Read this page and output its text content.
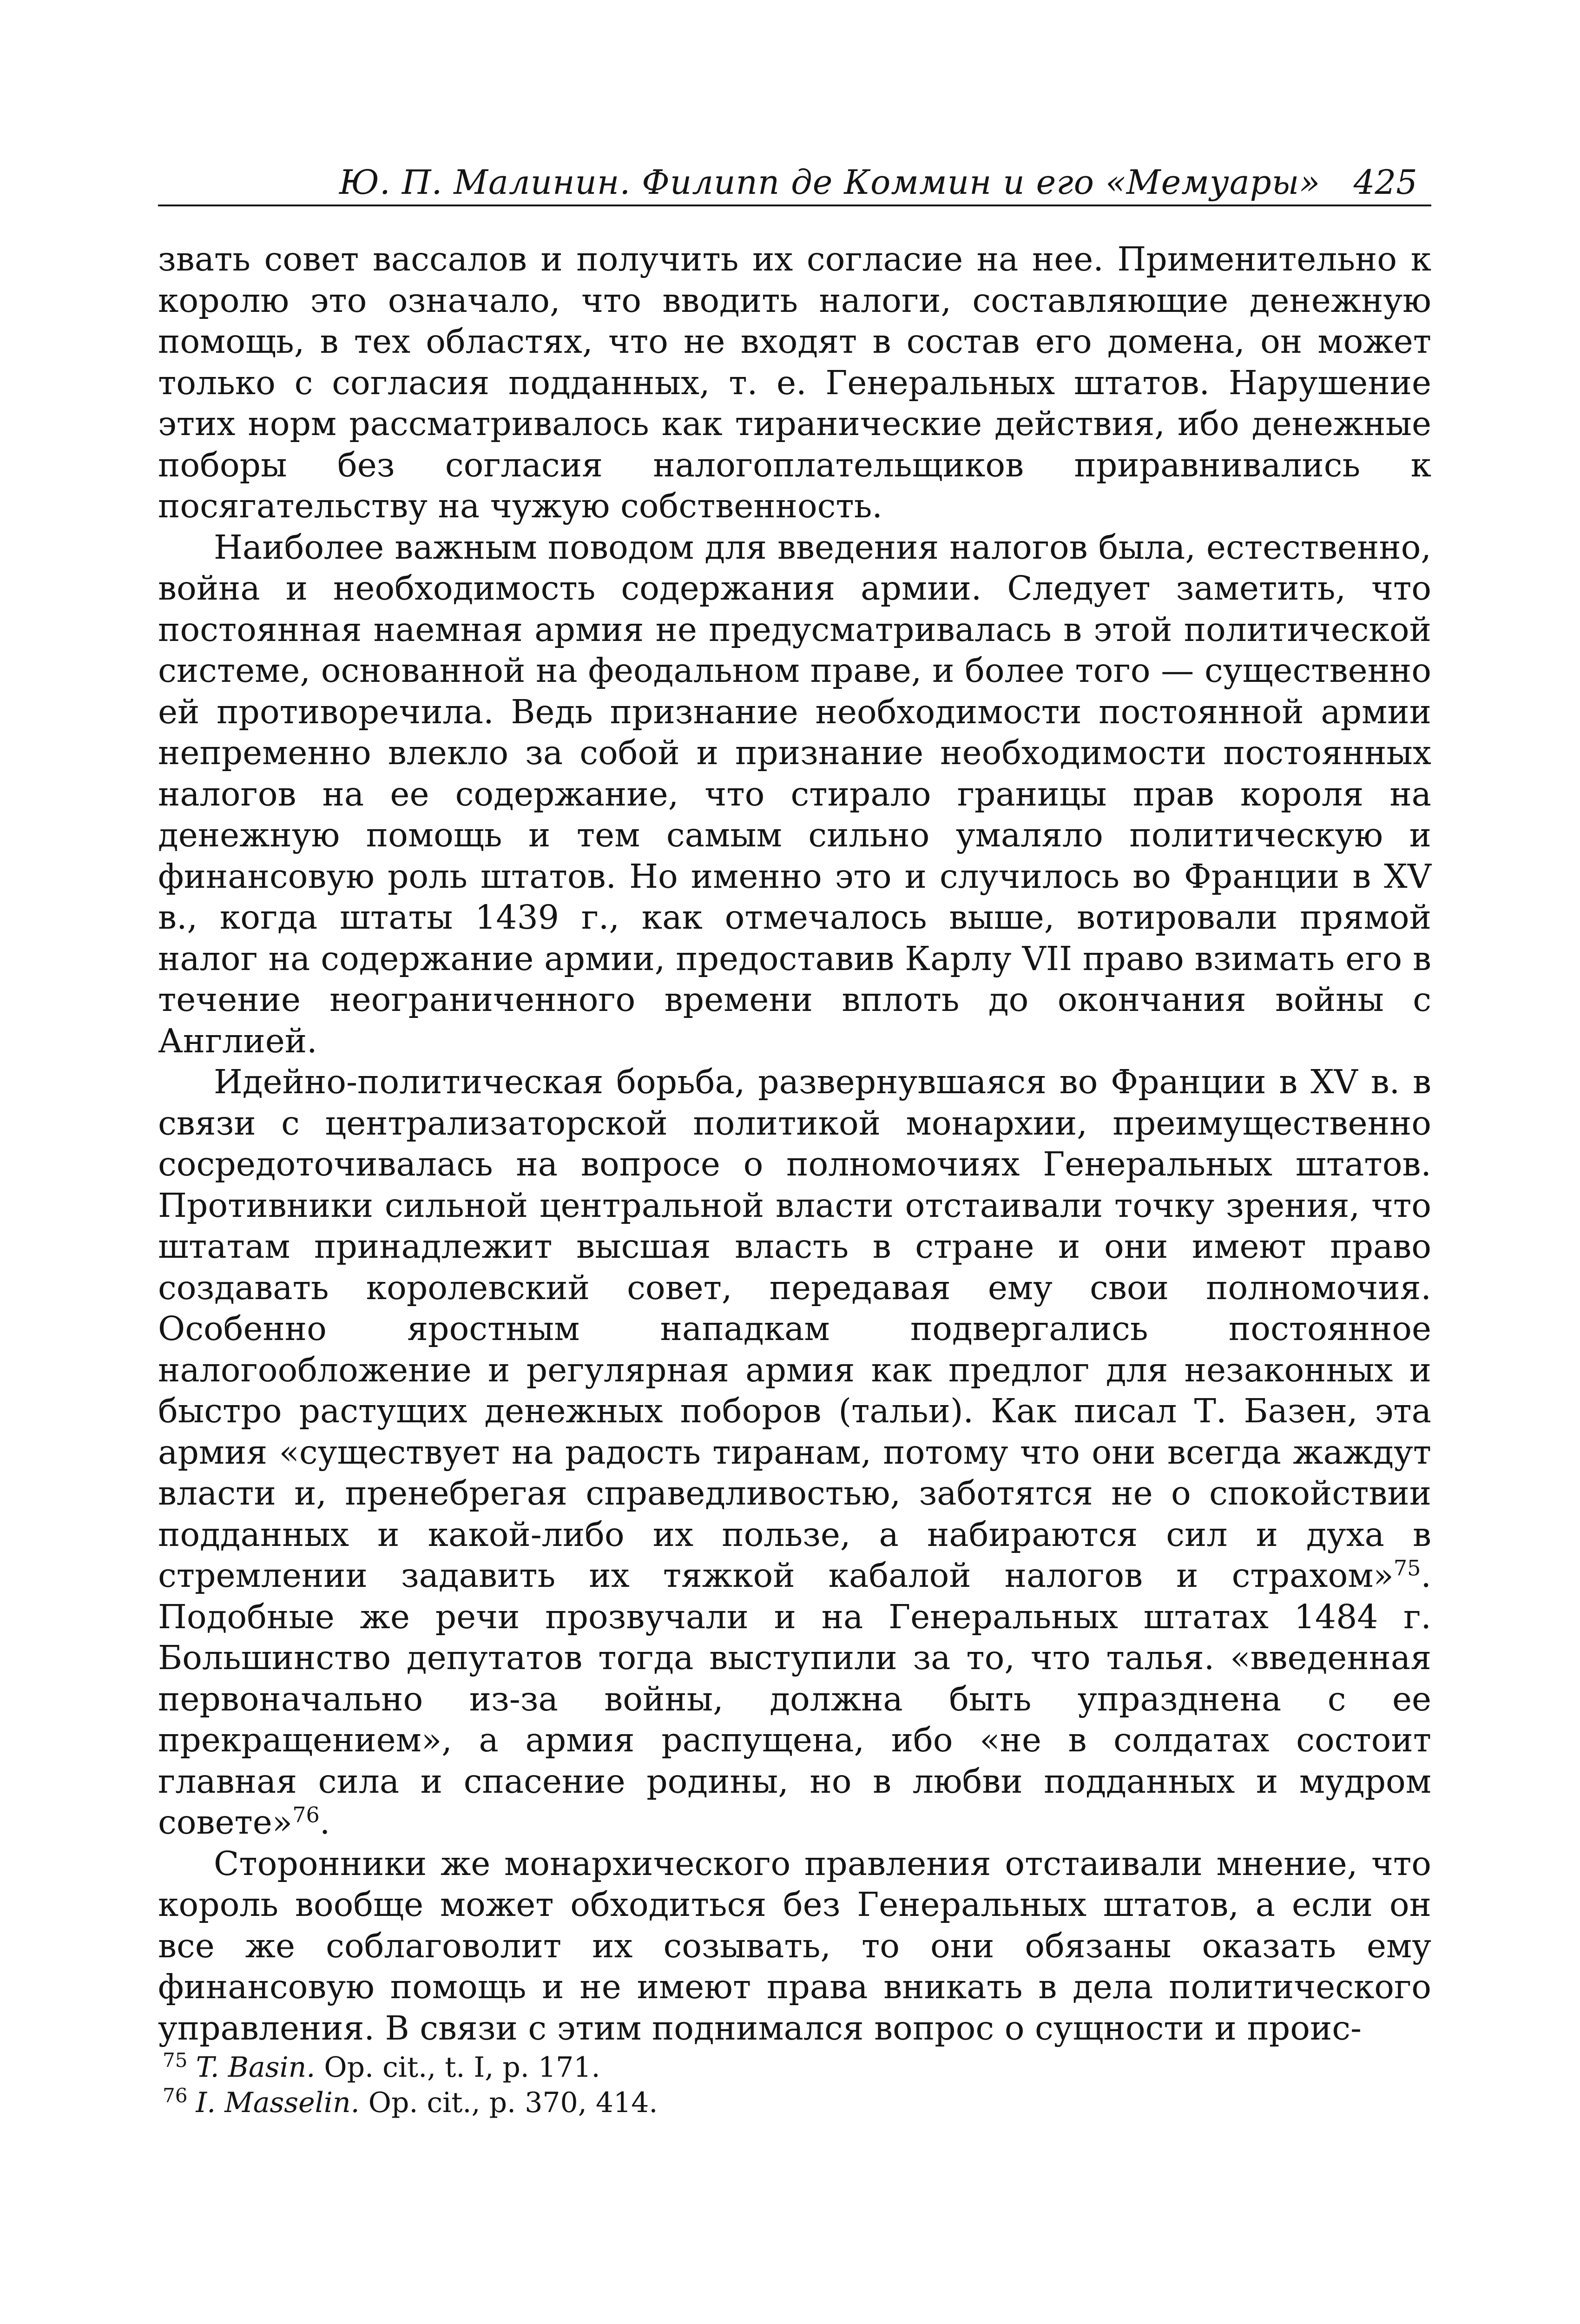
Ю. П. Малинин. Филипп де Коммин и его «Мемуары» 425

звать совет вассалов и получить их согласие на нее. Применительно к королю это означало, что вводить налоги, составляющие денежную помощь, в тех областях, что не входят в состав его домена, он может только с согласия подданных, т. е. Генеральных штатов. Нарушение этих норм рассматривалось как тиранические действия, ибо денежные поборы без согласия налогоплательщиков приравнивались к посягательству на чужую собственность.

Наиболее важным поводом для введения налогов была, естественно, война и необходимость содержания армии. Следует заметить, что постоянная наемная армия не предусматривалась в этой политической системе, основанной на феодальном праве, и более того — существенно ей противоречила. Ведь признание необходимости постоянной армии непременно влекло за собой и признание необходимости постоянных налогов на ее содержание, что стирало границы прав короля на денежную помощь и тем самым сильно умаляло политическую и финансовую роль штатов. Но именно это и случилось во Франции в XV в., когда штаты 1439 г., как отмечалось выше, вотировали прямой налог на содержание армии, предоставив Карлу VII право взимать его в течение неограниченного времени вплоть до окончания войны с Англией.

Идейно-политическая борьба, развернувшаяся во Франции в XV в. в связи с централизаторской политикой монархии, преимущественно сосредоточивалась на вопросе о полномочиях Генеральных штатов. Противники сильной центральной власти отстаивали точку зрения, что штатам принадлежит высшая власть в стране и они имеют право создавать королевский совет, передавая ему свои полномочия. Особенно яростным нападкам подвергались постоянное налогообложение и регулярная армия как предлог для незаконных и быстро растущих денежных поборов (тальи). Как писал Т. Базен, эта армия «существует на радость тиранам, потому что они всегда жаждут власти и, пренебрегая справедливостью, заботятся не о спокойствии подданных и какой-либо их пользе, а набираются сил и духа в стремлении задавить их тяжкой кабалой налогов и страхом»$^{75}$. Подобные же речи прозвучали и на Генеральных штатах 1484 г. Большинство депутатов тогда выступили за то, что талья. «введенная первоначально из-за войны, должна быть упразднена с ее прекращением», а армия распущена, ибо «не в солдатах состоит главная сила и спасение родины, но в любви подданных и мудром совете»$^{76}$.

Сторонники же монархического правления отстаивали мнение, что король вообще может обходиться без Генеральных штатов, а если он все же соблаговолит их созывать, то они обязаны оказать ему финансовую помощь и не имеют права вникать в дела политического управления. В связи с этим поднимался вопрос о сущности и проис-

$^{75}$ T. Basin. Op. cit., t. I, p. 171.
$^{76}$ I. Masselin. Op. cit., p. 370, 414.
